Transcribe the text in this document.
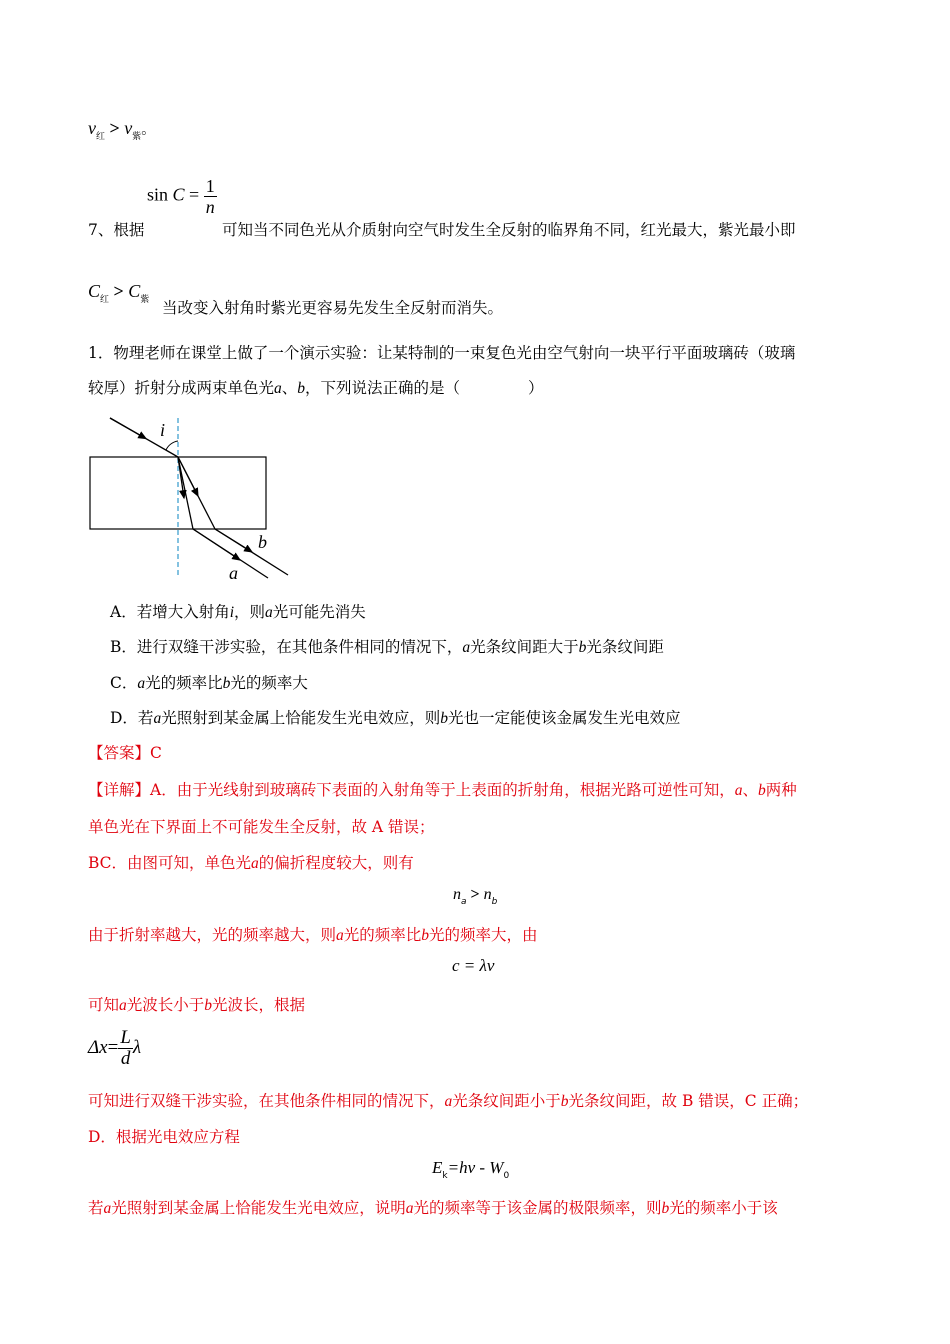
$v_红 > v_紫$。
$\sin C = \frac{1}{n}$
7、根据	可知当不同色光从介质射向空气时发生全反射的临界角不同，红光最大，紫光最小即
$C_红 > C_紫$ 当改变入射角时紫光更容易先发生全反射而消失。
1．物理老师在课堂上做了一个演示实验：让某特制的一束复色光由空气射向一块平行平面玻璃砖（玻璃
较厚）折射分成两束单色光a、b，下列说法正确的是（	）
i
b
a
A．若增大入射角i，则a光可能先消失
B．进行双缝干涉实验，在其他条件相同的情况下，a光条纹间距大于b光条纹间距
C．a光的频率比b光的频率大
D．若a光照射到某金属上恰能发生光电效应，则b光也一定能使该金属发生光电效应
【答案】C
【详解】A．由于光线射到玻璃砖下表面的入射角等于上表面的折射角，根据光路可逆性可知，a、b两种
单色光在下界面上不可能发生全反射，故 A 错误；
BC．由图可知，单色光a的偏折程度较大，则有
$n_a > n_b$
由于折射率越大，光的频率越大，则a光的频率比b光的频率大，由
c = λν
可知a光波长小于b光波长，根据
$\Delta x= \frac{L}{d}$ λ
可知进行双缝干涉实验，在其他条件相同的情况下，a光条纹间距小于b光条纹间距，故 B 错误，C 正确；
D．根据光电效应方程
$E_k=h\nu - W_0$
若a光照射到某金属上恰能发生光电效应，说明a光的频率等于该金属的极限频率，则b光的频率小于该
